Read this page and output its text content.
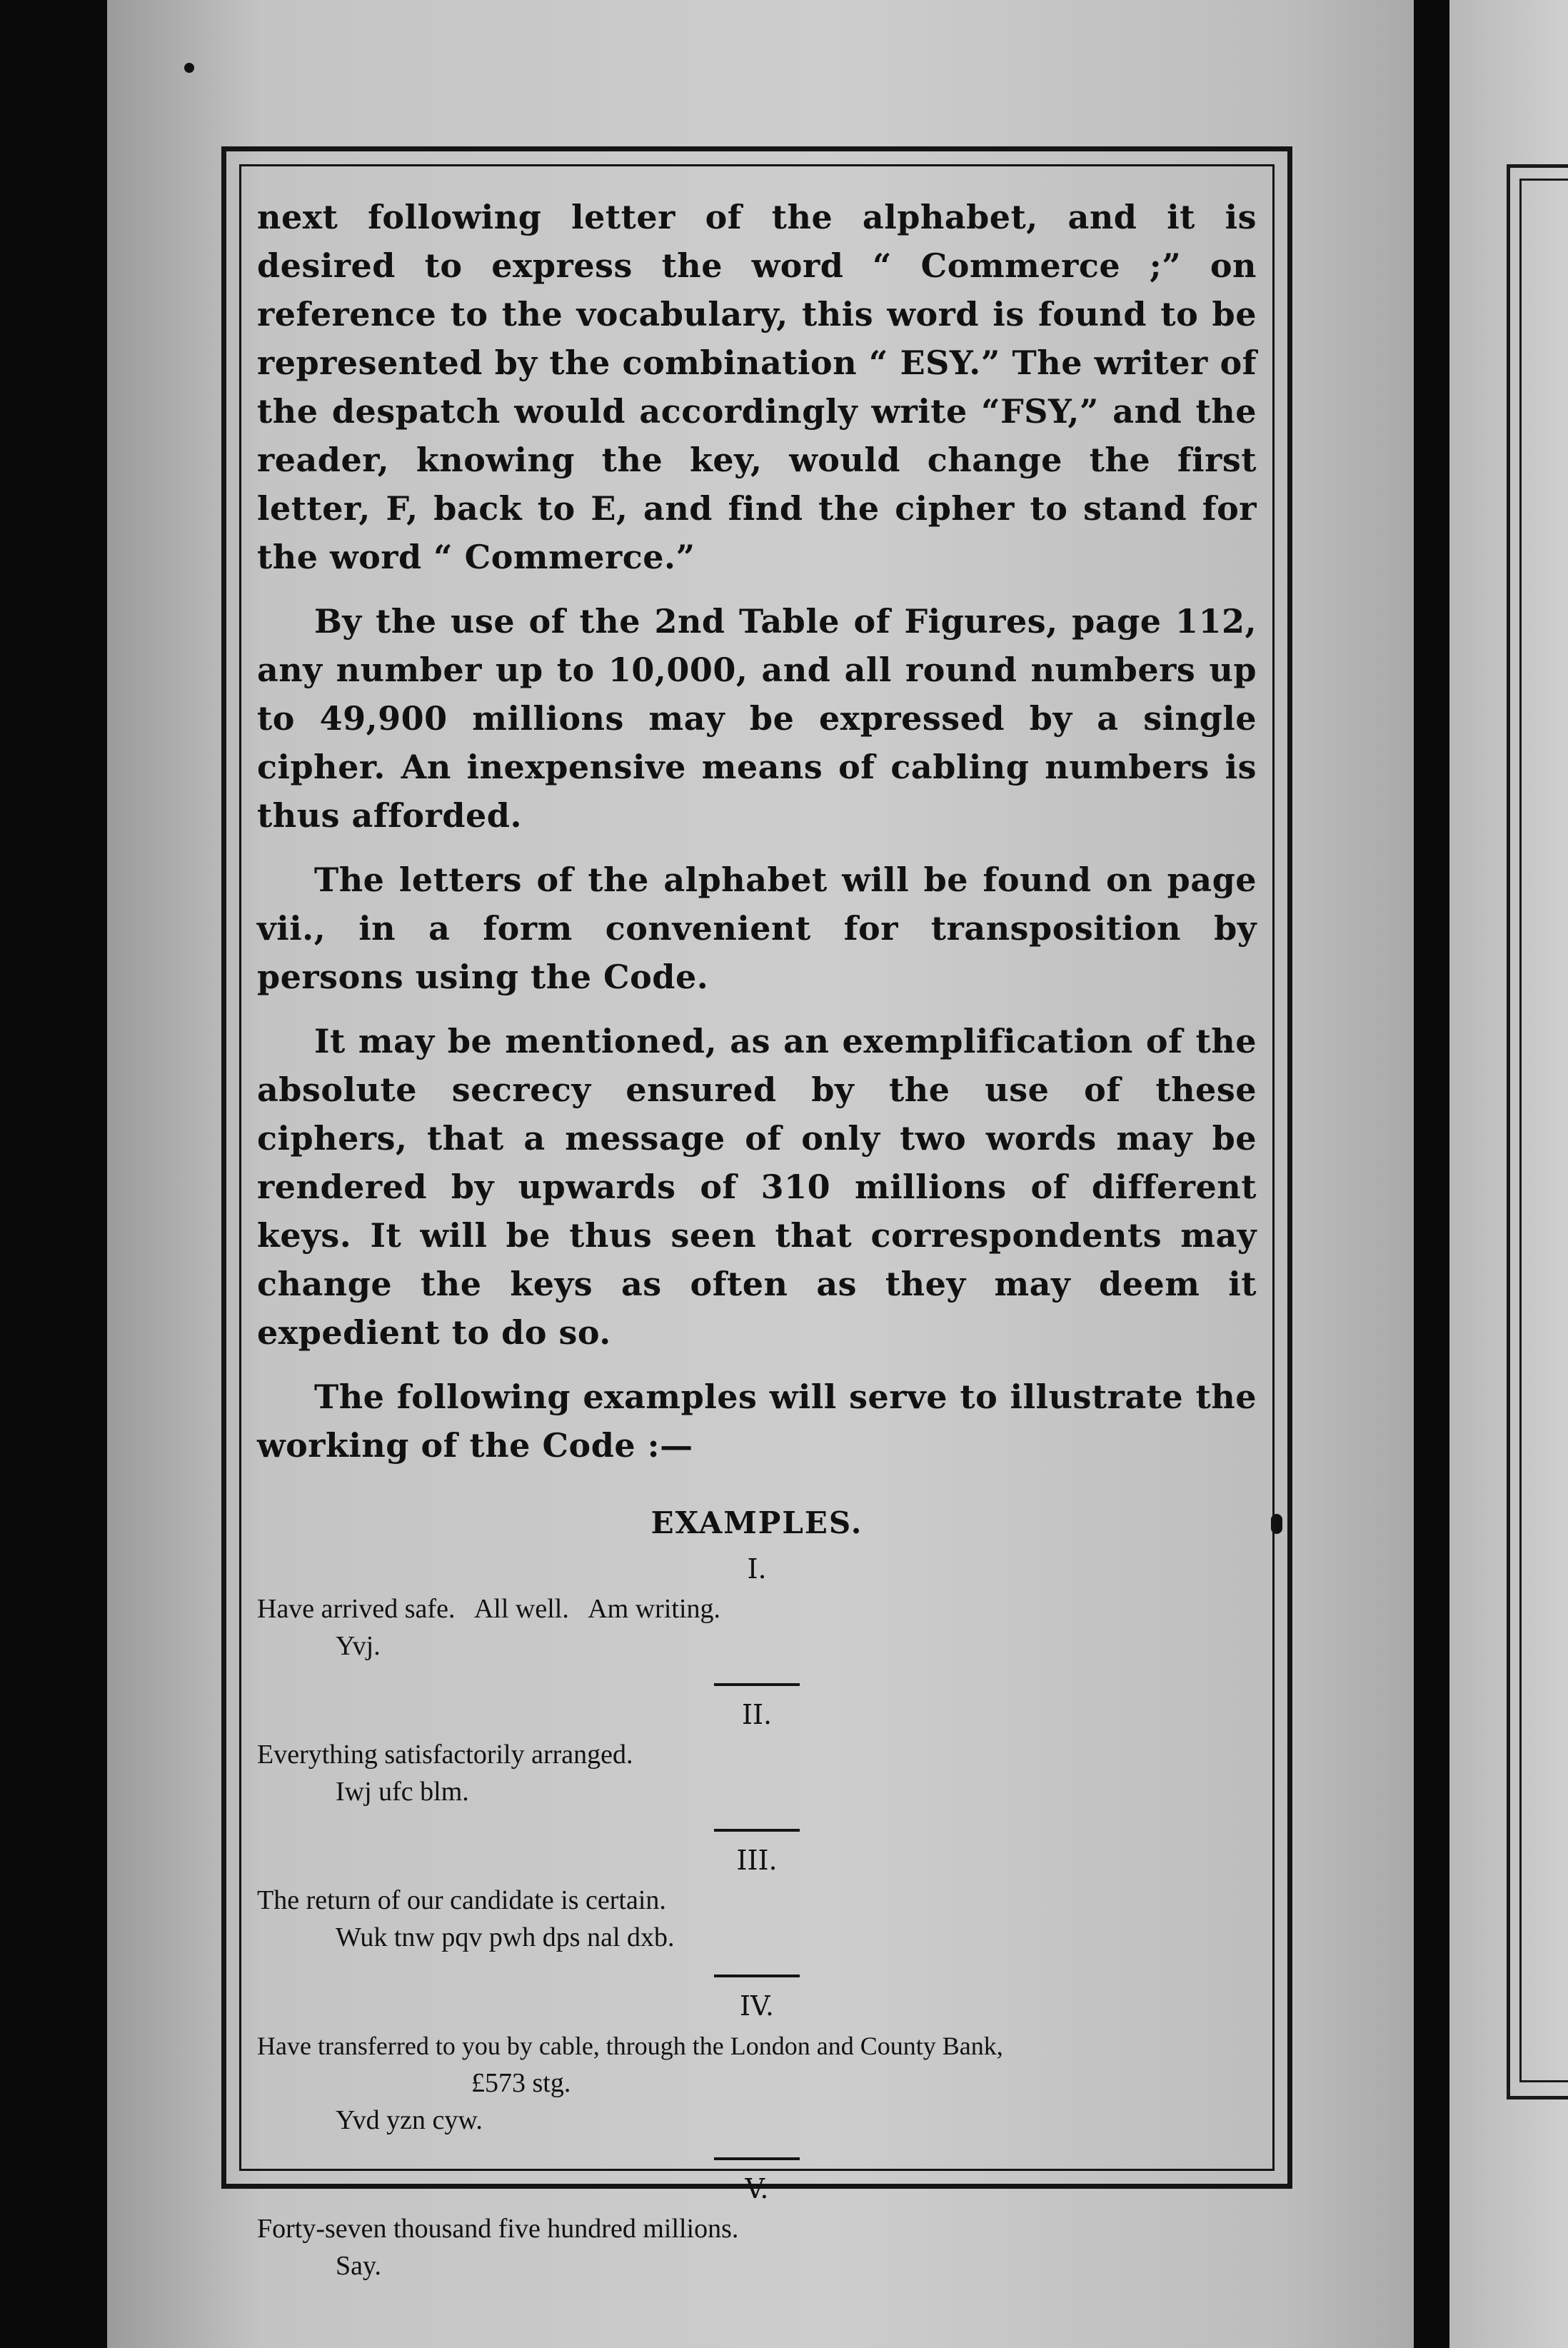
next following letter of the alphabet, and it is desired to express the word “ Commerce ;” on reference to the vocabulary, this word is found to be represented by the combination “ ESY.” The writer of the despatch would accordingly write “FSY,” and the reader, knowing the key, would change the first letter, F, back to E, and find the cipher to stand for the word “ Commerce.”

By the use of the 2nd Table of Figures, page 112, any number up to 10,000, and all round numbers up to 49,900 millions may be expressed by a single cipher. An inexpensive means of cabling numbers is thus afforded.

The letters of the alphabet will be found on page vii., in a form convenient for transposition by persons using the Code.

It may be mentioned, as an exemplification of the absolute secrecy ensured by the use of these ciphers, that a message of only two words may be rendered by upwards of 310 millions of different keys. It will be thus seen that correspondents may change the keys as often as they may deem it expedient to do so.

The following examples will serve to illustrate the working of the Code :—

EXAMPLES.
I.

Have arrived safe.   All well.   Am writing.

Yvj.

II.

Everything satisfactorily arranged.

Iwj ufc blm.

III.

The return of our candidate is certain.

Wuk tnw pqv pwh dps nal dxb.

IV.

Have transferred to you by cable, through the London and County Bank,

£573 stg.

Yvd yzn cyw.

V.

Forty-seven thousand five hundred millions.

Say.
